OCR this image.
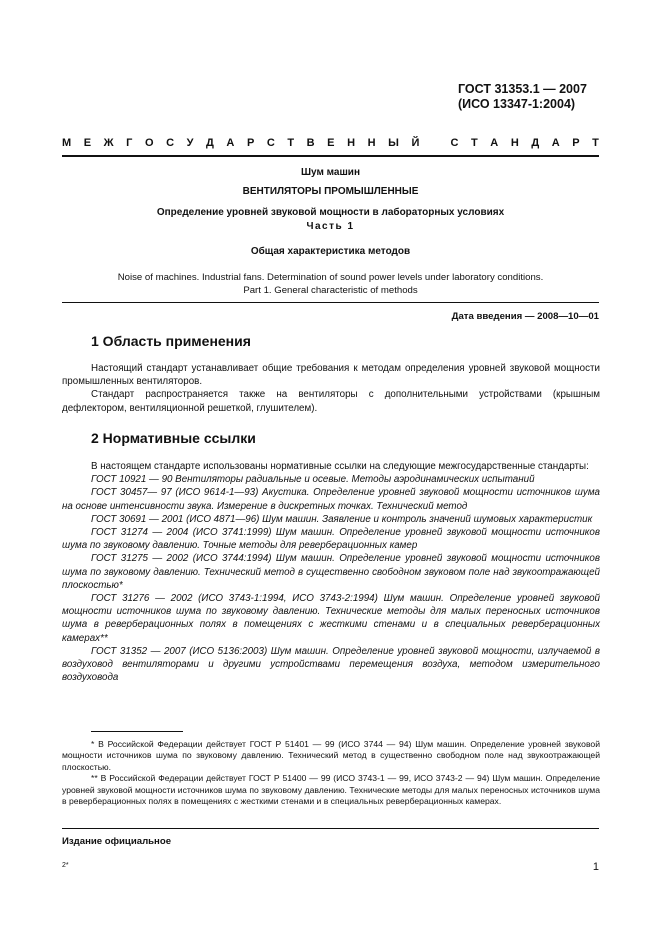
ГОСТ 31353.1 — 2007
(ИСО 13347-1:2004)
М Е Ж Г О С У Д А Р С Т В Е Н Н Ы Й	С Т А Н Д А Р Т
Шум машин
ВЕНТИЛЯТОРЫ ПРОМЫШЛЕННЫЕ
Определение уровней звуковой мощности в лабораторных условиях
Часть 1
Общая характеристика методов
Noise of machines. Industrial fans. Determination of sound power levels under laboratory conditions.
Part 1. General characteristic of methods
Дата введения — 2008—10—01
1 Область применения

Настоящий стандарт устанавливает общие требования к методам определения уровней звуковой мощности промышленных вентиляторов.

Стандарт распространяется также на вентиляторы с дополнительными устройствами (крышным дефлектором, вентиляционной решеткой, глушителем).

2 Нормативные ссылки

В настоящем стандарте использованы нормативные ссылки на следующие межгосударственные стандарты:

ГОСТ 10921 — 90 Вентиляторы радиальные и осевые. Методы аэродинамических испытаний

ГОСТ 30457— 97 (ИСО 9614-1—93) Акустика. Определение уровней звуковой мощности источников шума на основе интенсивности звука. Измерение в дискретных точках. Технический метод

ГОСТ 30691 — 2001 (ИСО 4871—96) Шум машин. Заявление и контроль значений шумовых характеристик

ГОСТ 31274 — 2004 (ИСО 3741:1999) Шум машин. Определение уровней звуковой мощности источников шума по звуковому давлению. Точные методы для реверберационных камер

ГОСТ 31275 — 2002 (ИСО 3744:1994) Шум машин. Определение уровней звуковой мощности источников шума по звуковому давлению. Технический метод в существенно свободном звуковом поле над звукоотражающей плоскостью*

ГОСТ 31276 — 2002 (ИСО 3743-1:1994, ИСО 3743-2:1994) Шум машин. Определение уровней звуковой мощности источников шума по звуковому давлению. Технические методы для малых переносных источников шума в реверберационных полях в помещениях с жесткими стенами и в специальных реверберационных камерах**

ГОСТ 31352 — 2007 (ИСО 5136:2003) Шум машин. Определение уровней звуковой мощности, излучаемой в воздуховод вентиляторами и другими устройствами перемещения воздуха, методом измерительного воздуховода

* В Российской Федерации действует ГОСТ Р 51401 — 99 (ИСО 3744 — 94) Шум машин. Определение уровней звуковой мощности источников шума по звуковому давлению. Технический метод в существенно свободном поле над звукоотражающей плоскостью.

** В Российской Федерации действует ГОСТ Р 51400 — 99 (ИСО 3743-1 — 99, ИСО 3743-2 — 94) Шум машин. Определение уровней звуковой мощности источников шума по звуковому давлению. Технические методы для малых переносных источников шума в реверберационных полях в помещениях с жесткими стенами и в специальных реверберационных камерах.

Издание официальное
2*	1
